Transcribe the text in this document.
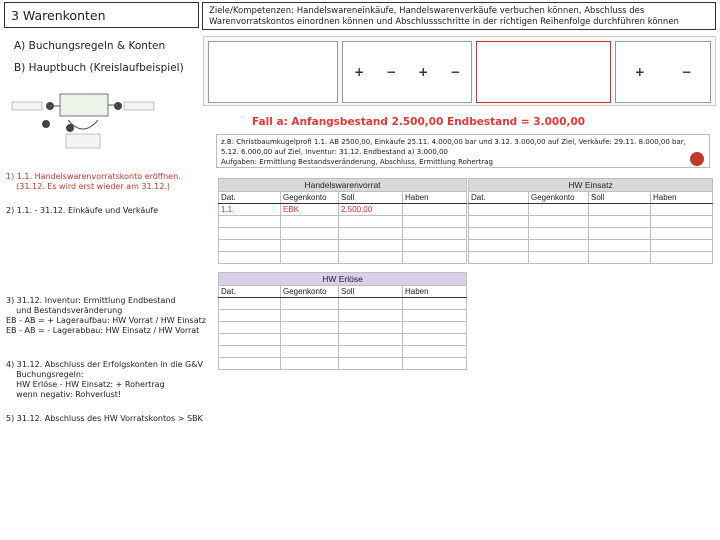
3 Warenkonten	Ziele/Kompetenzen: Handelswareneinkäufe, Handelswarenverkäufe verbuchen können, Abschluss des Warenvorratskontos einordnen können und Abschlussschritte in der richtigen Reihenfolge durchführen können
A) Buchungsregeln & Konten
B) Hauptbuch (Kreislaufbeispiel)	+ − + −	+	−
Fall a: Anfangsbestand 2.500,00 Endbestand = 3.000,00
z.B: Christbaumkugelprofi 1.1. AB 2500,00, Einkäufe 25.11. 4.000,00 bar und 3.12. 3.000,00 auf Ziel, Verkäufe: 29.11. 8.000,00 bar, 5.12. 6.000,00 auf Ziel, Inventur: 31.12. Endbestand a) 3.000,00
Aufgaben: Ermittlung Bestandsveränderung, Abschluss, Ermittlung Rohertrag
1) 1.1. Handelswarenvorratskonto eröffnen.
(31.12. Es wird erst wieder am 31.12.)
2) 1.1. - 31.12. Einkäufe und Verkäufe
3) 31.12. Inventur: Ermittlung Endbestand
und Bestandsveränderung
EB - AB = + Lageraufbau: HW Vorrat / HW Einsatz
EB - AB = - Lagerabbau: HW Einsatz / HW Vorrat
4) 31.12. Abschluss der Erfolgskonten in die G&V
Buchungsregeln:
HW Erlöse - HW Einsatz: + Rohertrag
wenn negativ: Rohverlust!
5) 31.12. Abschluss des HW Vorratskontos > SBK
Handelswarenvorrat			
Dat.	Gegenkonto	Soll	Haben
1.1.	EBK	2.500,00	

HW Einsatz			
Dat.	Gegenkonto	Soll	Haben

HW Erlöse			
Dat.	Gegenkonto	Soll	Haben
